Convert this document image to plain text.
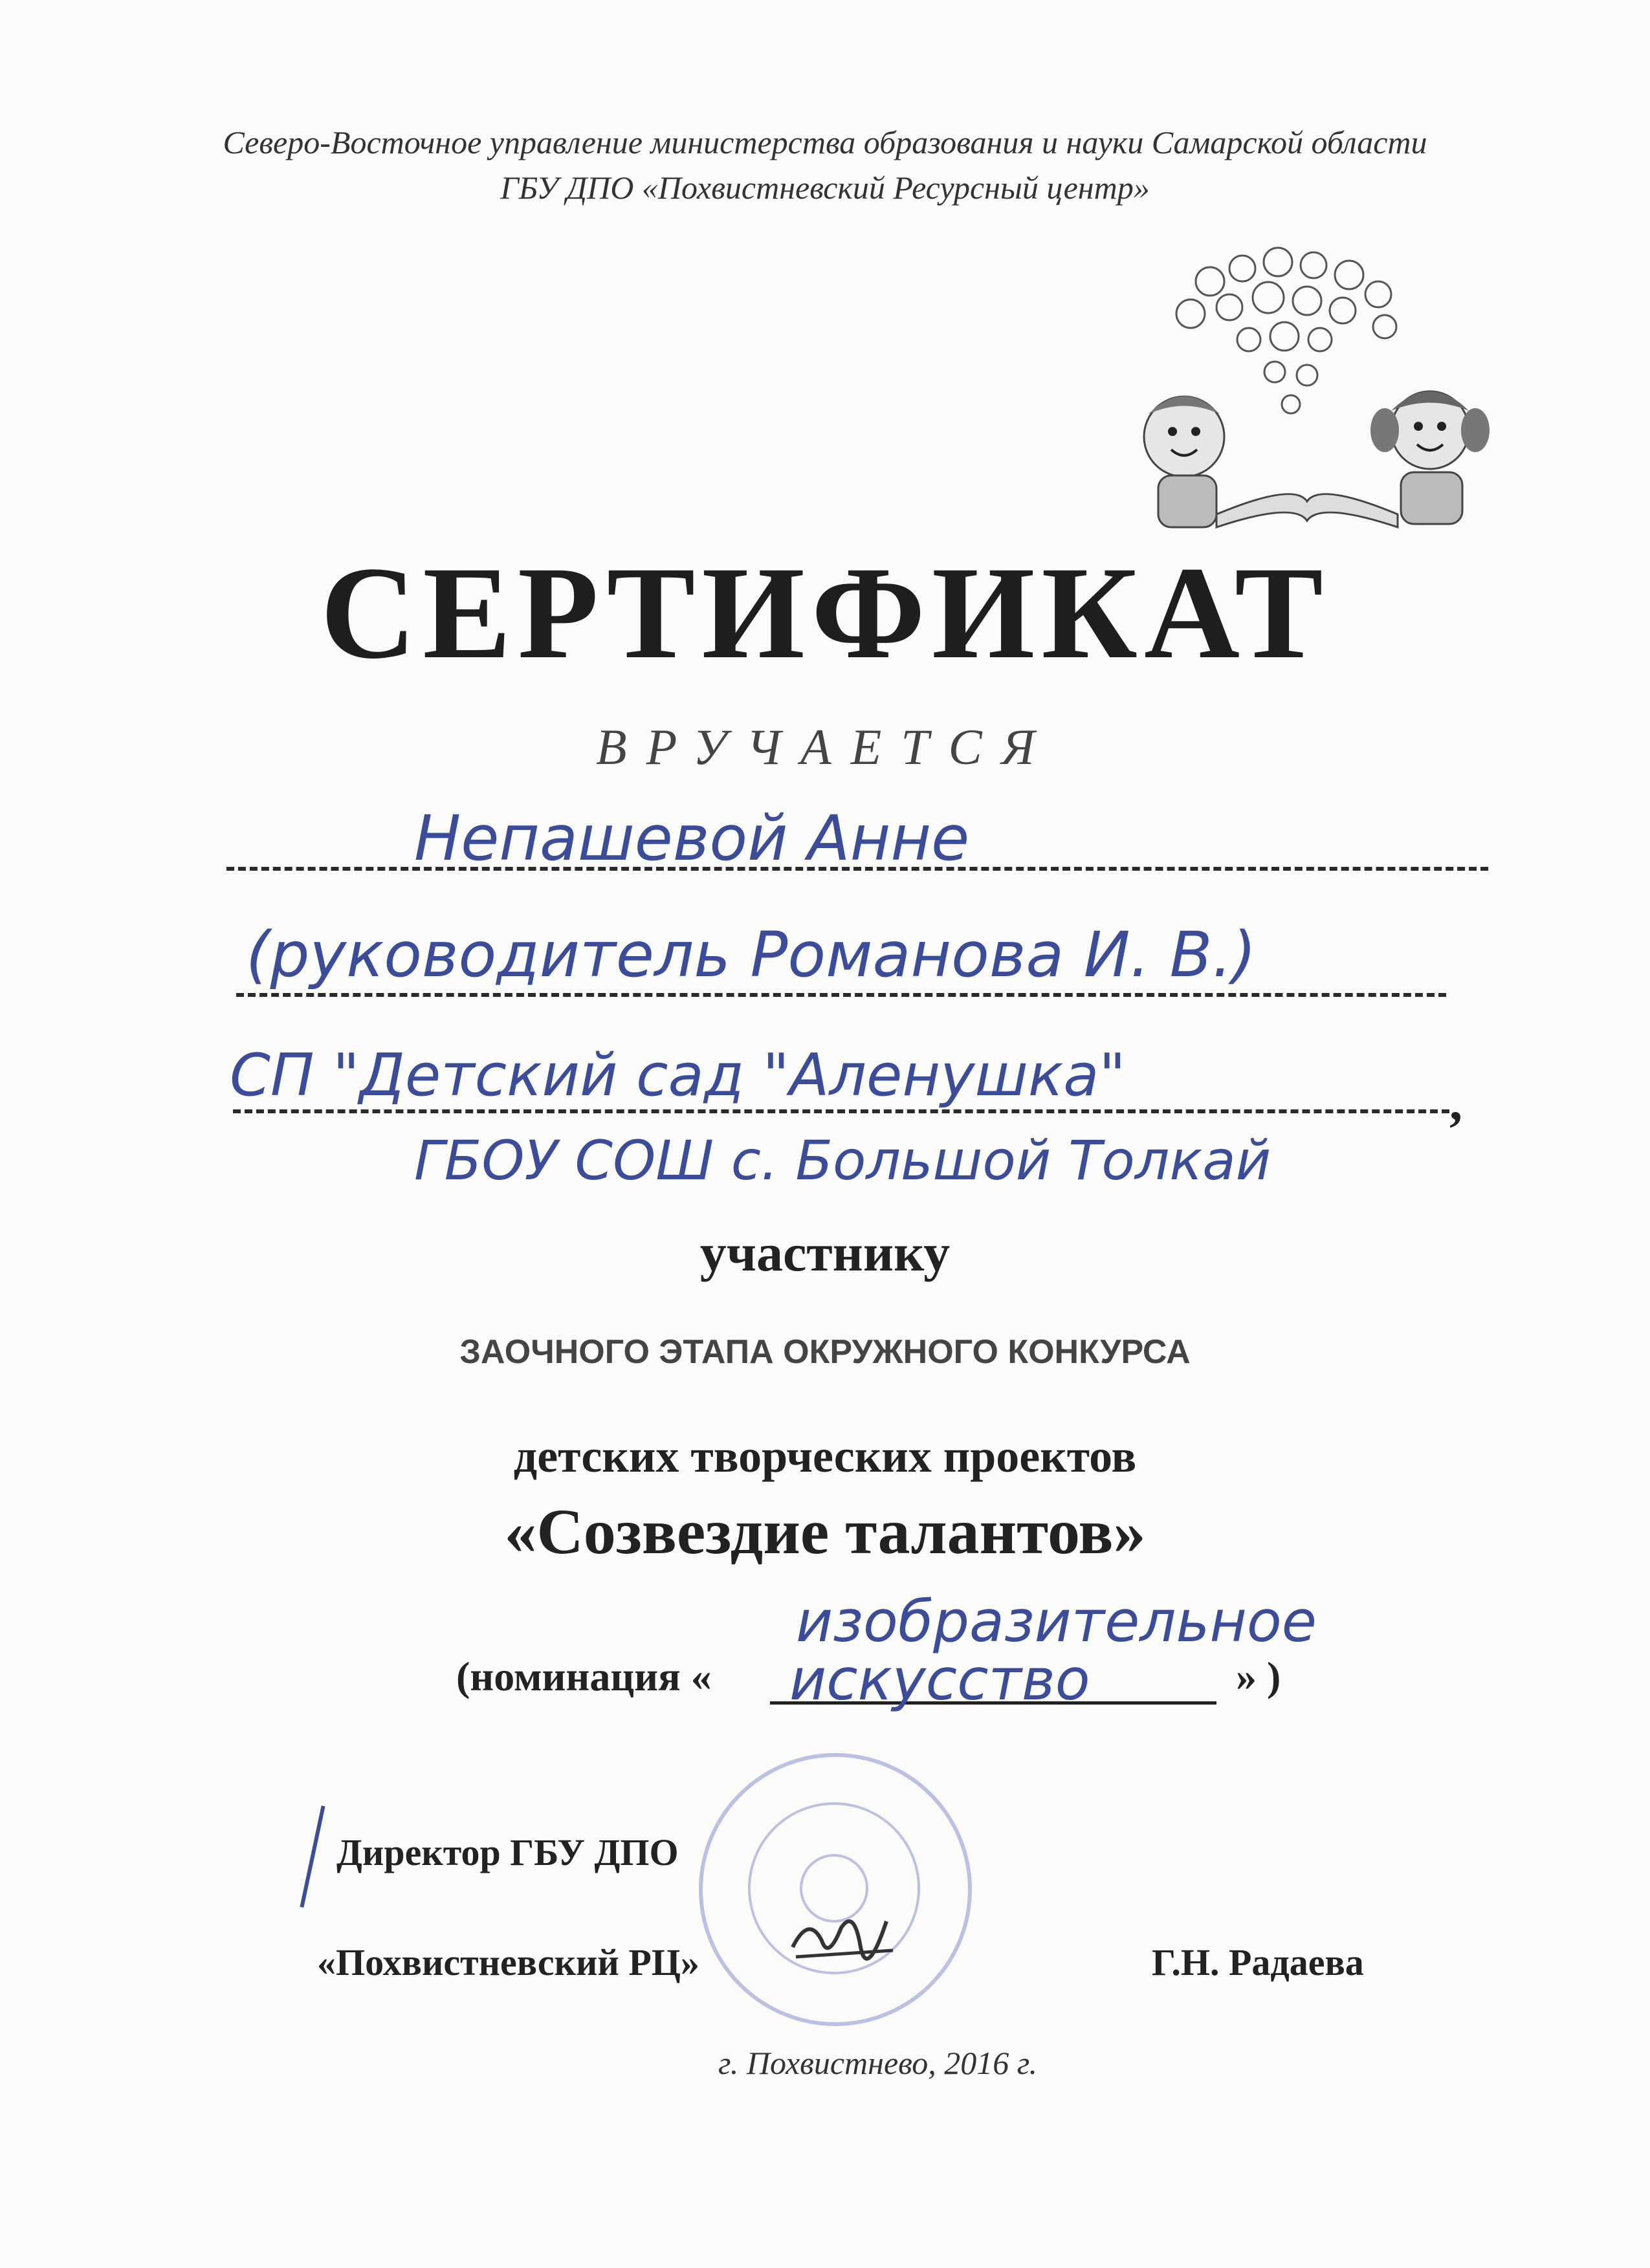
Северо-Восточное управление министерства образования и науки Самарской области
ГБУ ДПО «Похвистневский Ресурсный центр»
СЕРТИФИКАТ
ВРУЧАЕТСЯ
Непашевой Анне
(руководитель Романова И. В.)
,
СП "Детский сад "Аленушка"
ГБОУ СОШ с. Большой Толкай
участнику
ЗАОЧНОГО ЭТАПА ОКРУЖНОГО КОНКУРСА
детских творческих проектов
«Созвездие талантов»
(номинация «
изобразительное
искусство	» )
Директор ГБУ ДПО
«Похвистневский РЦ»	Г.Н. Радаева
г. Похвистнево, 2016 г.
